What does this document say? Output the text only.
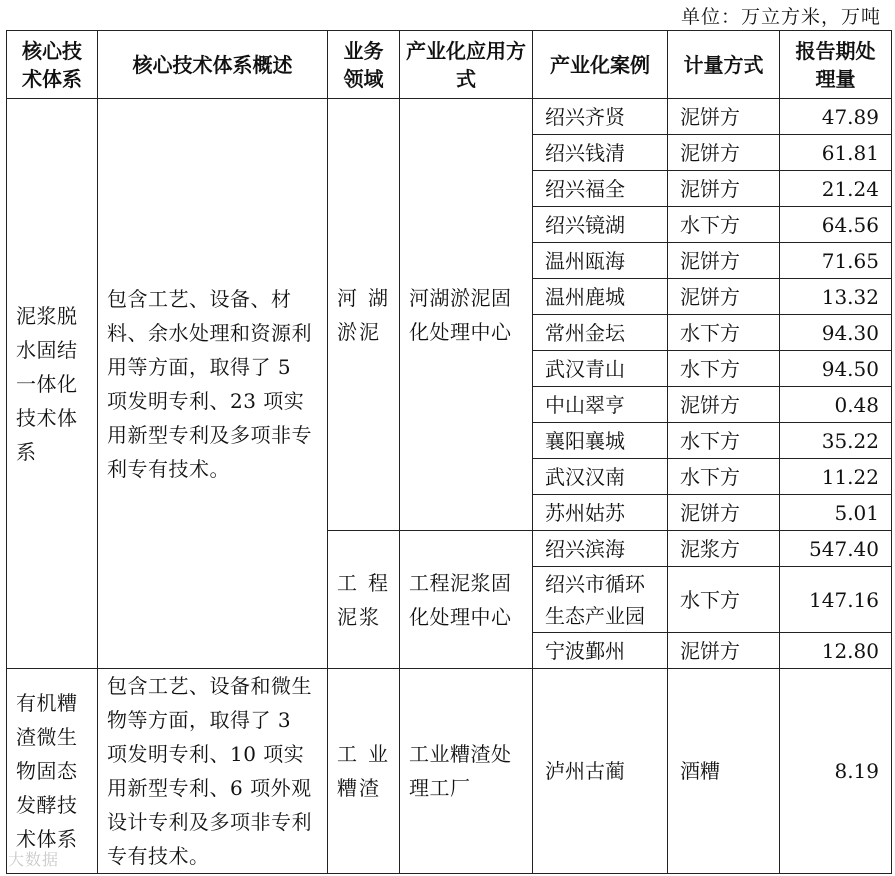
单位：万立方米，万吨
核心技术体系	核心技术体系概述	业务领域	产业化应用方式	产业化案例	计量方式	报告期处理量
泥浆脱水固结一体化技术体系	包含工艺、设备、材料、余水处理和资源利用等方面，取得了 5 项发明专利、23 项实用新型专利及多项非专利专有技术。	河湖淤泥	河湖淤泥固化处理中心	绍兴齐贤	泥饼方	47.89
				绍兴钱清	泥饼方	61.81
				绍兴福全	泥饼方	21.24
				绍兴镜湖	水下方	64.56
				温州瓯海	泥饼方	71.65
				温州鹿城	泥饼方	13.32
				常州金坛	水下方	94.30
				武汉青山	水下方	94.50
				中山翠亨	泥饼方	0.48
				襄阳襄城	水下方	35.22
				武汉汉南	水下方	11.22
				苏州姑苏	泥饼方	5.01
		工程泥浆	工程泥浆固化处理中心	绍兴滨海	泥浆方	547.40
				绍兴市循环生态产业园	水下方	147.16
				宁波鄞州	泥饼方	12.80
有机糟渣微生物固态发酵技术体系	包含工艺、设备和微生物等方面，取得了 3 项发明专利、10 项实用新型专利、6 项外观设计专利及多项非专利专有技术。	工业糟渣	工业糟渣处理工厂	泸州古蔺	酒糟	8.19
大数据
